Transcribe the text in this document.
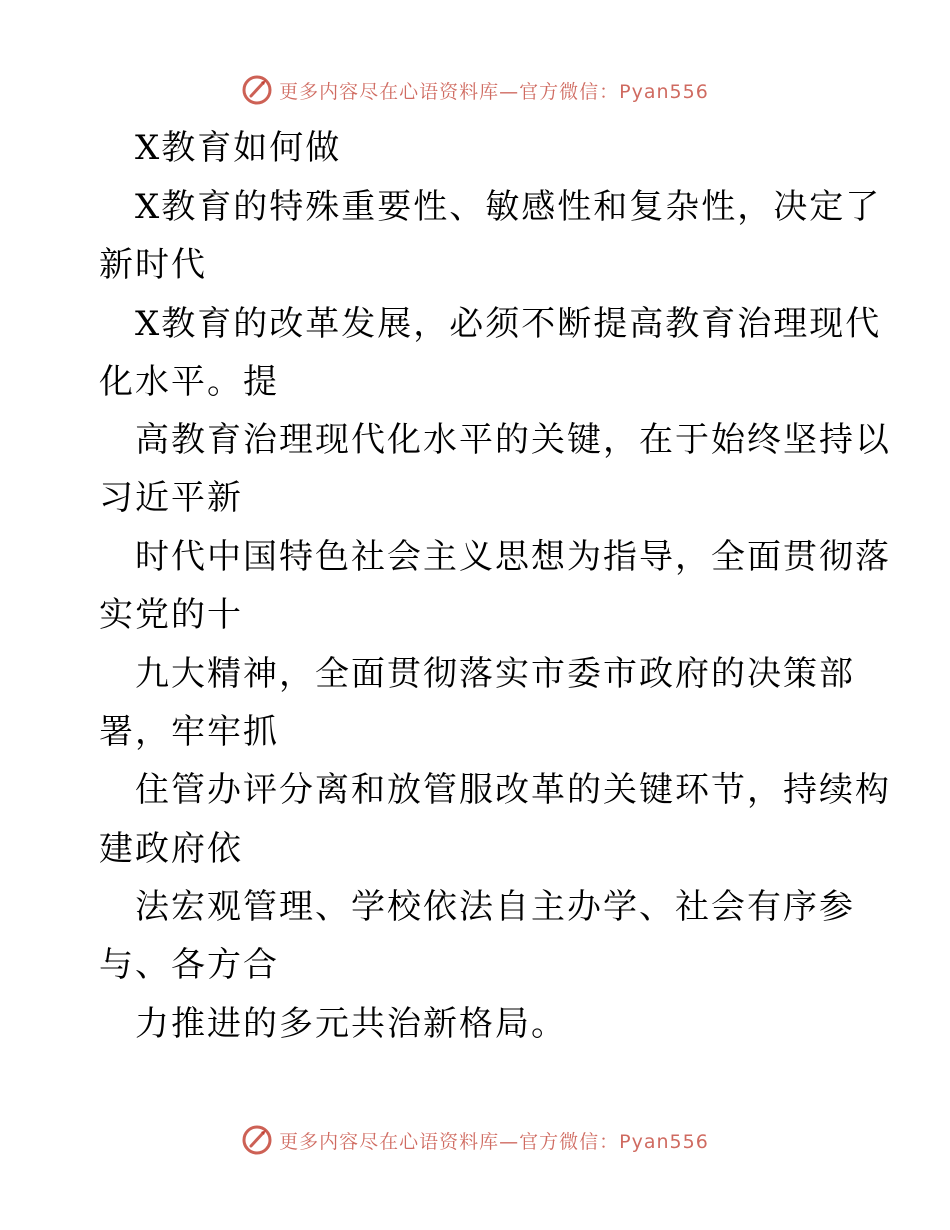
更多内容尽在心语资料库—官方微信：Pyan556
　X教育如何做
　X教育的特殊重要性、敏感性和复杂性，决定了
新时代
　X教育的改革发展，必须不断提高教育治理现代
化水平。提
　高教育治理现代化水平的关键，在于始终坚持以
习近平新
　时代中国特色社会主义思想为指导，全面贯彻落
实党的十
　九大精神，全面贯彻落实市委市政府的决策部
署，牢牢抓
　住管办评分离和放管服改革的关键环节，持续构
建政府依
　法宏观管理、学校依法自主办学、社会有序参
与、各方合
　力推进的多元共治新格局。
更多内容尽在心语资料库—官方微信：Pyan556
